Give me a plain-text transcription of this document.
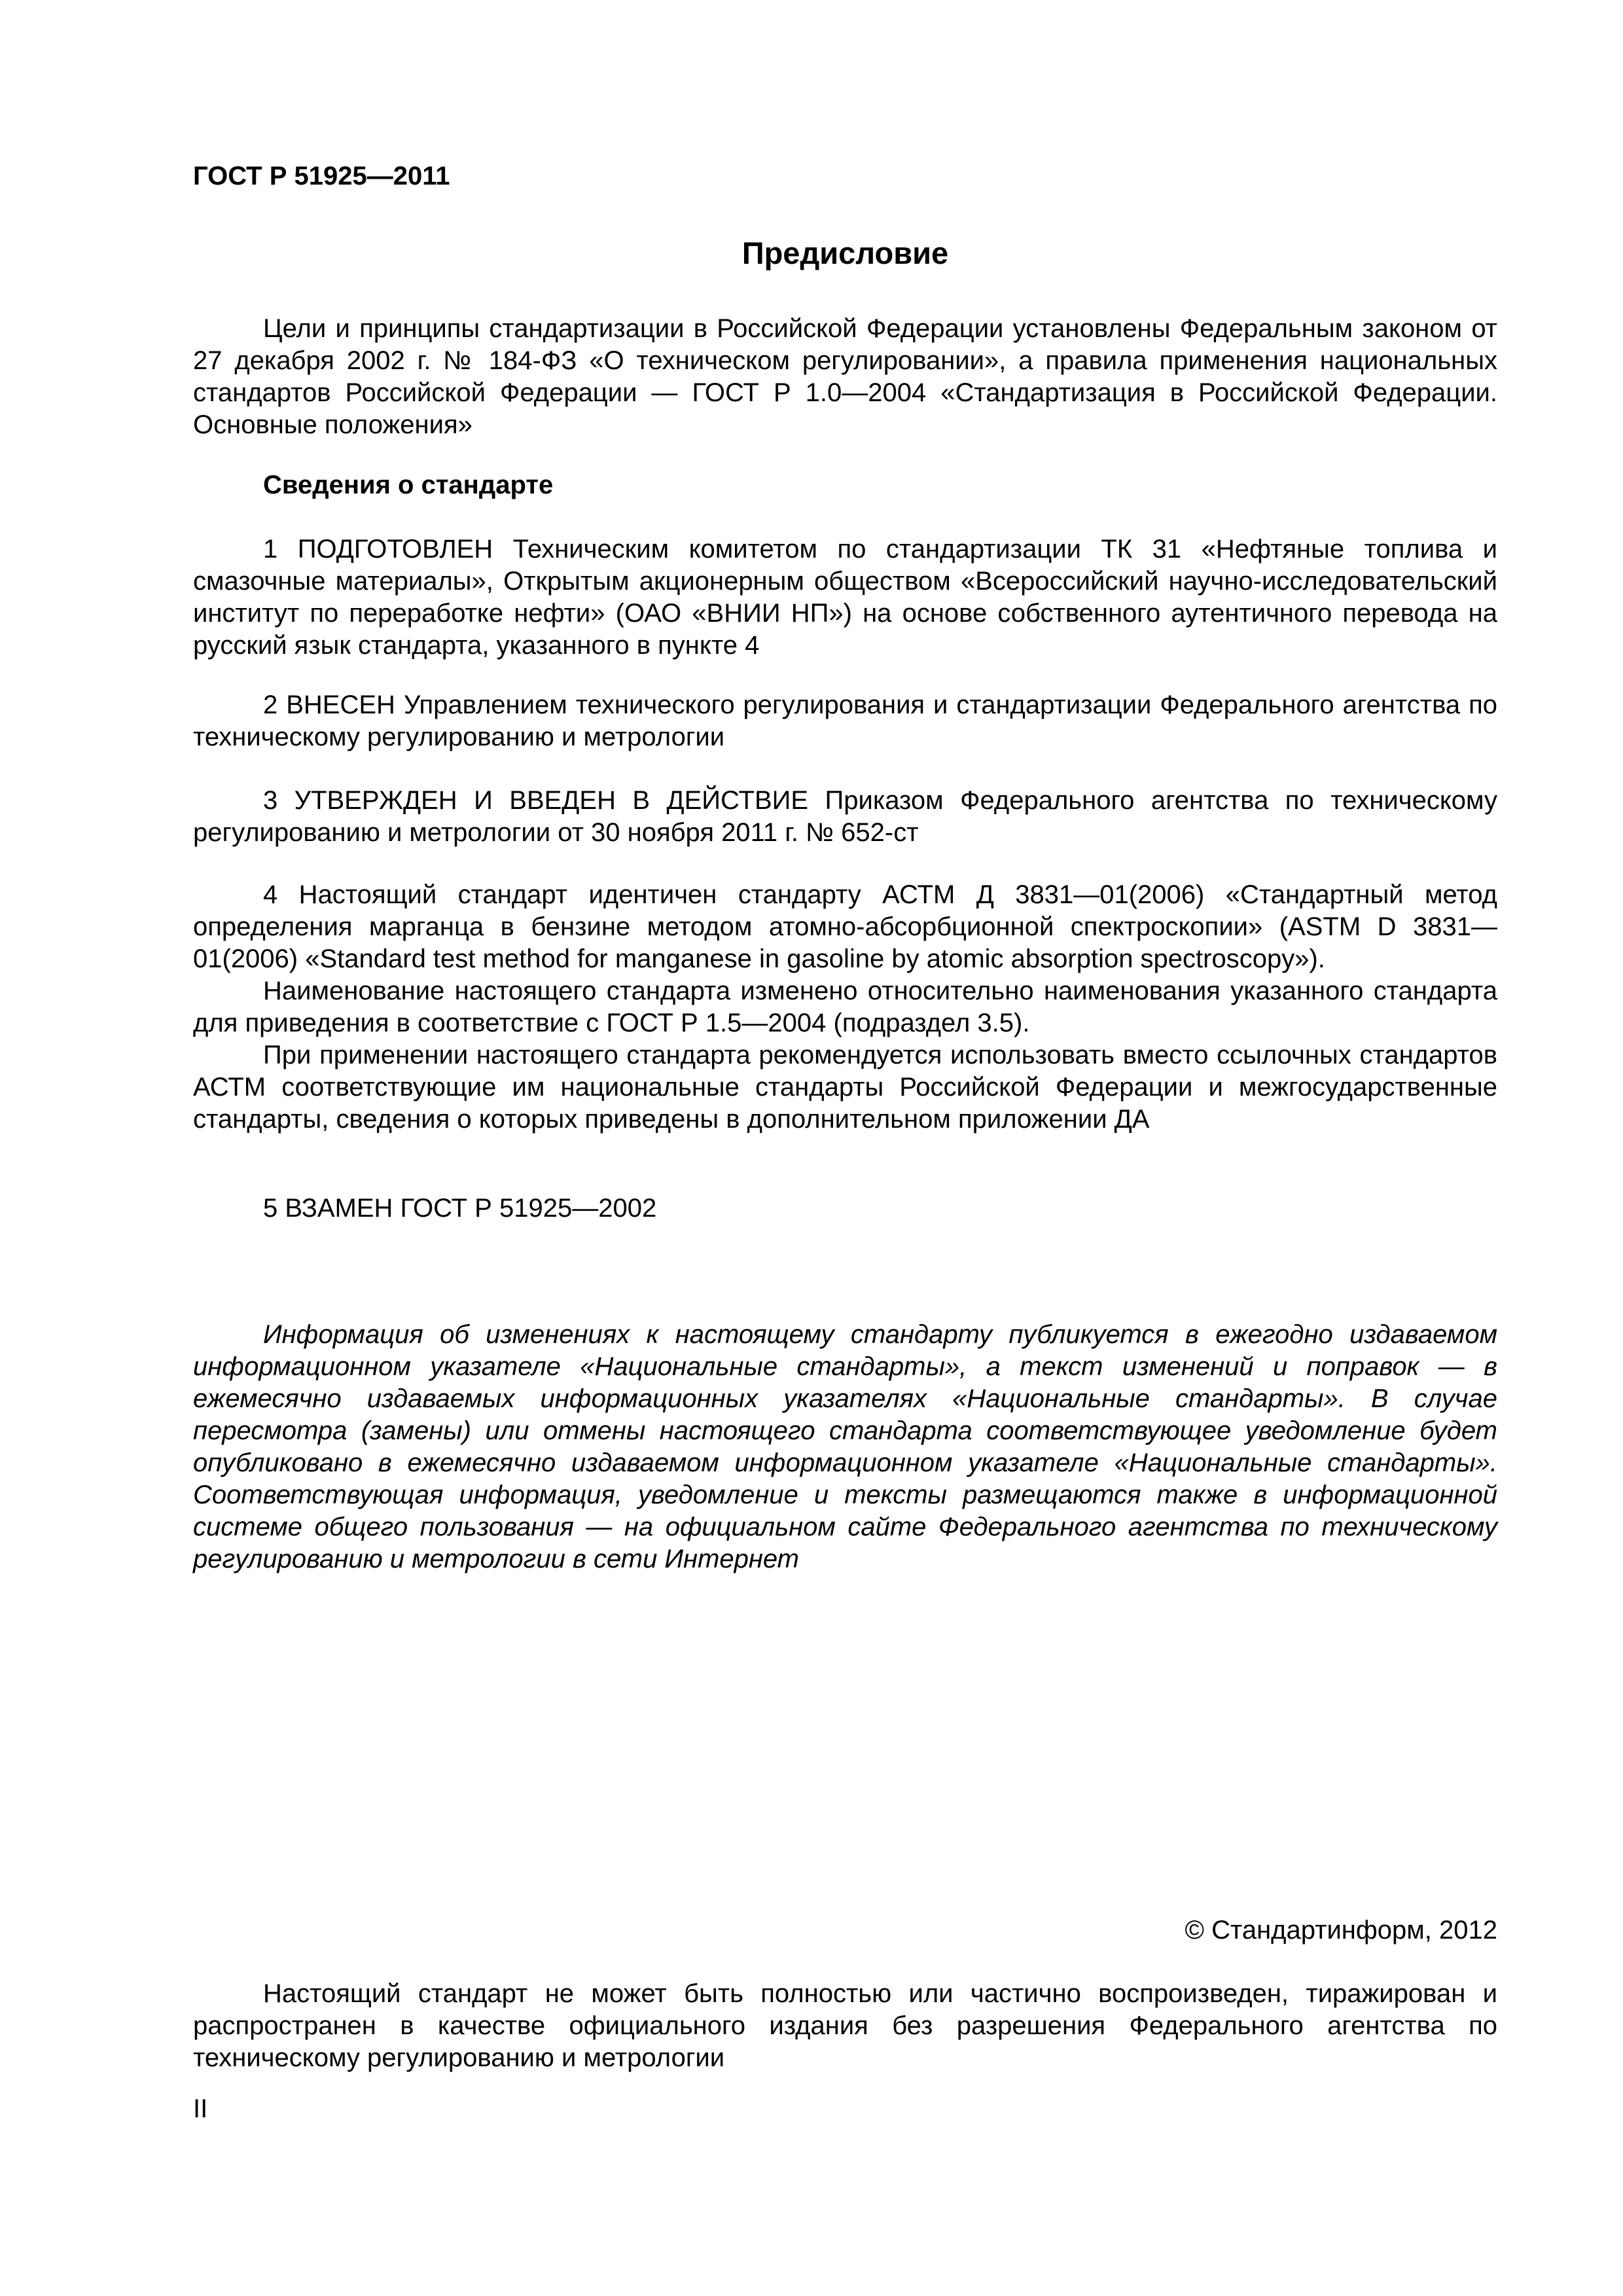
ГОСТ Р 51925—2011

Предисловие

Цели и принципы стандартизации в Российской Федерации установлены Федеральным законом от 27 декабря 2002 г. № 184-ФЗ «О техническом регулировании», а правила применения национальных стандартов Российской Федерации — ГОСТ Р 1.0—2004 «Стандартизация в Российской Федерации. Основные положения»

Сведения о стандарте

1 ПОДГОТОВЛЕН Техническим комитетом по стандартизации ТК 31 «Нефтяные топлива и смазочные материалы», Открытым акционерным обществом «Всероссийский научно-исследовательский институт по переработке нефти» (ОАО «ВНИИ НП») на основе собственного аутентичного перевода на русский язык стандарта, указанного в пункте 4

2 ВНЕСЕН Управлением технического регулирования и стандартизации Федерального агентства по техническому регулированию и метрологии

3 УТВЕРЖДЕН И ВВЕДЕН В ДЕЙСТВИЕ Приказом Федерального агентства по техническому регулированию и метрологии от 30 ноября 2011 г. № 652-ст

4 Настоящий стандарт идентичен стандарту АСТМ Д 3831—01(2006) «Стандартный метод определения марганца в бензине методом атомно-абсорбционной спектроскопии» (ASTM D 3831—01(2006) «Standard test method for manganese in gasoline by atomic absorption spectroscopy»).

Наименование настоящего стандарта изменено относительно наименования указанного стандарта для приведения в соответствие с ГОСТ Р 1.5—2004 (подраздел 3.5).

При применении настоящего стандарта рекомендуется использовать вместо ссылочных стандартов АСТМ соответствующие им национальные стандарты Российской Федерации и межгосударственные стандарты, сведения о которых приведены в дополнительном приложении ДА

5 ВЗАМЕН ГОСТ Р 51925—2002

Информация об изменениях к настоящему стандарту публикуется в ежегодно издаваемом информационном указателе «Национальные стандарты», а текст изменений и поправок — в ежемесячно издаваемых информационных указателях «Национальные стандарты». В случае пересмотра (замены) или отмены настоящего стандарта соответствующее уведомление будет опубликовано в ежемесячно издаваемом информационном указателе «Национальные стандарты». Соответствующая информация, уведомление и тексты размещаются также в информационной системе общего пользования — на официальном сайте Федерального агентства по техническому регулированию и метрологии в сети Интернет

© Стандартинформ, 2012

Настоящий стандарт не может быть полностью или частично воспроизведен, тиражирован и распространен в качестве официального издания без разрешения Федерального агентства по техническому регулированию и метрологии

II
